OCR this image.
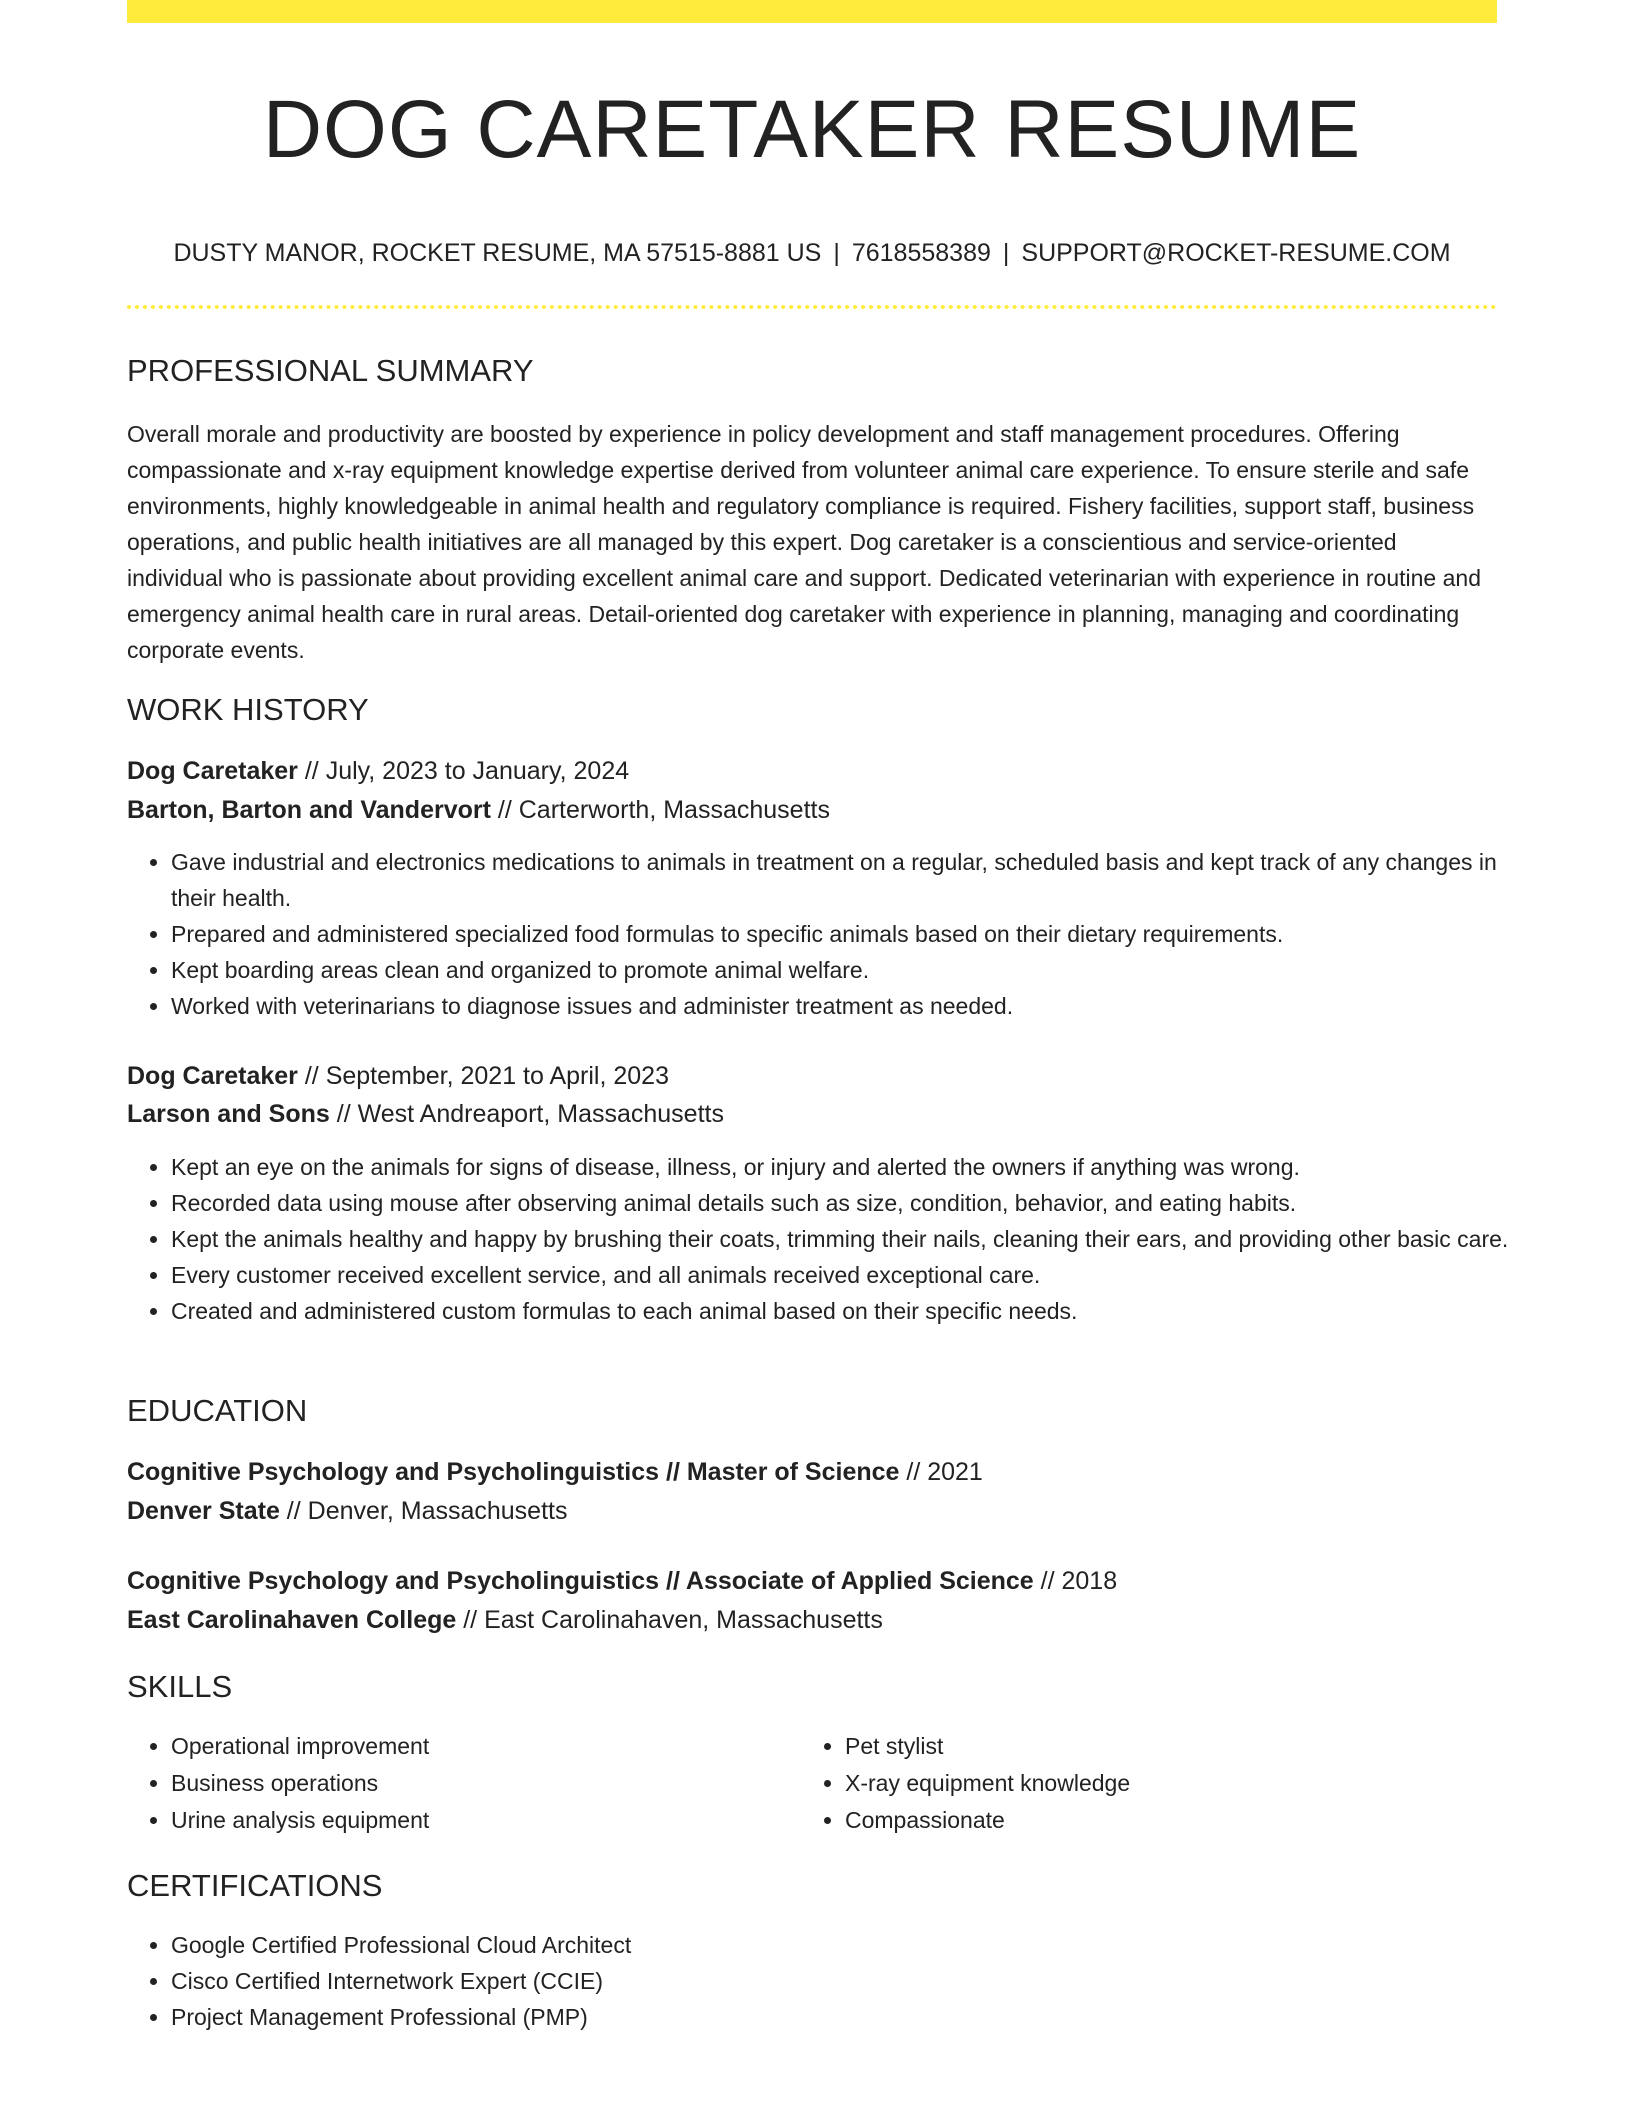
DOG CARETAKER RESUME
DUSTY MANOR, ROCKET RESUME, MA 57515-8881 US | 7618558389 | SUPPORT@ROCKET-RESUME.COM
PROFESSIONAL SUMMARY

Overall morale and productivity are boosted by experience in policy development and staff management procedures. Offering compassionate and x-ray equipment knowledge expertise derived from volunteer animal care experience. To ensure sterile and safe environments, highly knowledgeable in animal health and regulatory compliance is required. Fishery facilities, support staff, business operations, and public health initiatives are all managed by this expert. Dog caretaker is a conscientious and service-oriented individual who is passionate about providing excellent animal care and support. Dedicated veterinarian with experience in routine and emergency animal health care in rural areas. Detail-oriented dog caretaker with experience in planning, managing and coordinating corporate events.

WORK HISTORY
Dog Caretaker // July, 2023 to January, 2024
Barton, Barton and Vandervort // Carterworth, Massachusetts
• Gave industrial and electronics medications to animals in treatment on a regular, scheduled basis and kept track of any changes in their health.
• Prepared and administered specialized food formulas to specific animals based on their dietary requirements.
• Kept boarding areas clean and organized to promote animal welfare.
• Worked with veterinarians to diagnose issues and administer treatment as needed.
Dog Caretaker // September, 2021 to April, 2023
Larson and Sons // West Andreaport, Massachusetts
• Kept an eye on the animals for signs of disease, illness, or injury and alerted the owners if anything was wrong.
• Recorded data using mouse after observing animal details such as size, condition, behavior, and eating habits.
• Kept the animals healthy and happy by brushing their coats, trimming their nails, cleaning their ears, and providing other basic care.
• Every customer received excellent service, and all animals received exceptional care.
• Created and administered custom formulas to each animal based on their specific needs.
EDUCATION
Cognitive Psychology and Psycholinguistics // Master of Science // 2021
Denver State // Denver, Massachusetts
Cognitive Psychology and Psycholinguistics // Associate of Applied Science // 2018
East Carolinahaven College // East Carolinahaven, Massachusetts
SKILLS
• Operational improvement
• Business operations
• Urine analysis equipment
• Pet stylist
• X-ray equipment knowledge
• Compassionate
CERTIFICATIONS
• Google Certified Professional Cloud Architect
• Cisco Certified Internetwork Expert (CCIE)
• Project Management Professional (PMP)
